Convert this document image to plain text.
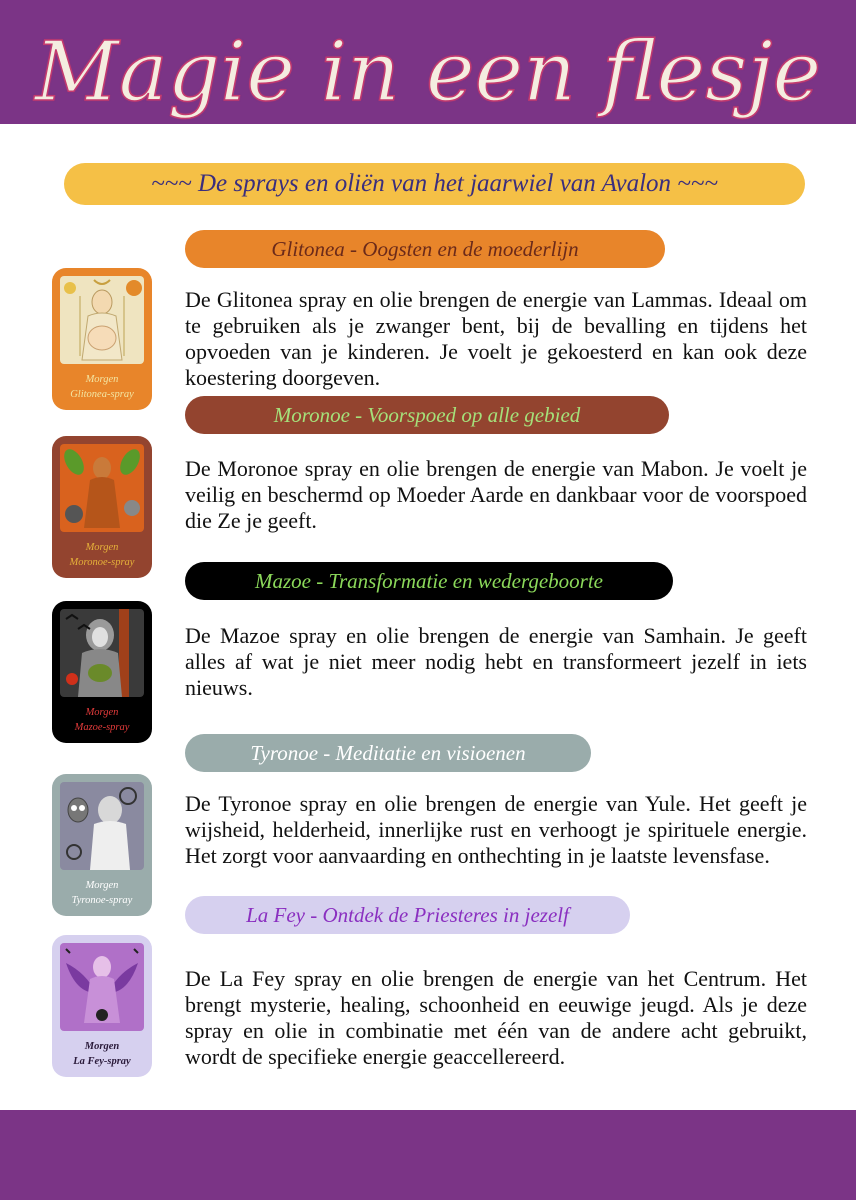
Magie in een flesje
~~~ De sprays en oliën van het jaarwiel van Avalon ~~~
Glitonea - Oogsten en de moederlijn
Morgen
Glitonea-spray
De Glitonea spray en olie brengen de energie van Lammas. Ideaal om te gebruiken als je zwanger bent, bij de bevalling en tijdens het opvoeden van je kinderen. Je voelt je gekoesterd en kan ook deze koestering doorgeven.
Moronoe - Voorspoed op alle gebied
Morgen
Moronoe-spray
De Moronoe spray en olie brengen de energie van Mabon. Je voelt je veilig en beschermd op Moeder Aarde en dankbaar voor de voorspoed die Ze je geeft.
Mazoe - Transformatie en wedergeboorte
Morgen
Mazoe-spray
De Mazoe spray en olie brengen de energie van Samhain. Je geeft alles af wat je niet meer nodig hebt en transformeert jezelf in iets nieuws.
Tyronoe - Meditatie en visioenen
Morgen
Tyronoe-spray
De Tyronoe spray en olie brengen de energie van Yule. Het geeft je wijsheid, helderheid, innerlijke rust en verhoogt je spirituele energie. Het zorgt voor aanvaarding en onthechting in je laatste levensfase.
La Fey - Ontdek de Priesteres in jezelf
Morgen
La Fey-spray
De La Fey spray en olie brengen de energie van het Centrum. Het brengt mysterie, healing, schoonheid en eeuwige jeugd. Als je deze spray en olie in combinatie met één van de andere acht gebruikt, wordt de specifieke energie geaccellereerd.
